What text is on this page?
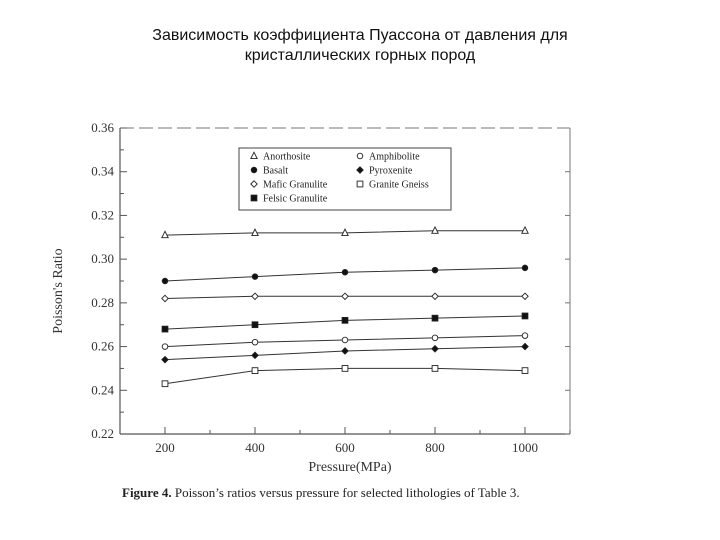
Зависимость коэффициента Пуассона от давления для
кристаллических горных пород
0.22
0.24
0.26
0.28
0.30
0.32
0.34
0.36
200	400	600	800	1000
Pressure(MPa)
Poisson's Ratio
Anorthosite
Basalt
Mafic Granulite
Felsic Granulite
Amphibolite
Pyroxenite
Granite Gneiss
Figure 4. Poisson’s ratios versus pressure for selected lithologies of Table 3.
